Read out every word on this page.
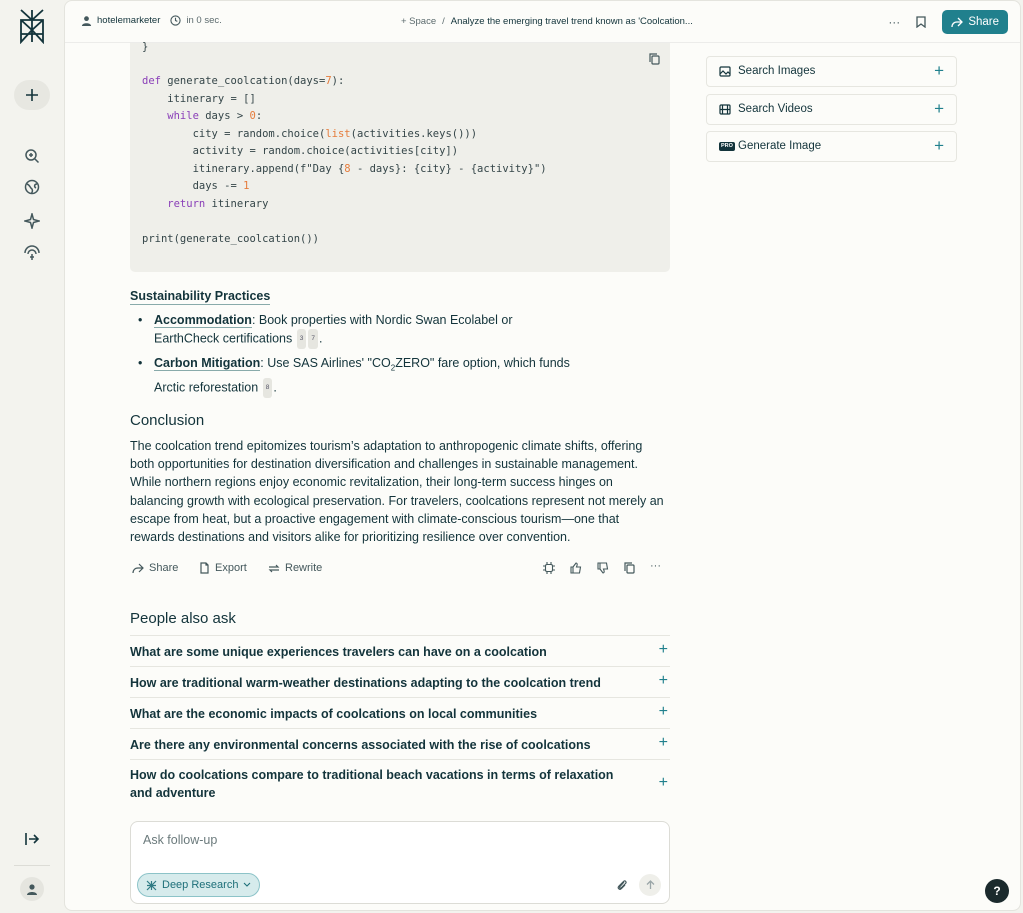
hotelemarketer	in 0 sec.	+ Space / Analyze the emerging travel trend known as 'Coolcation...	···	Share
}
def generate_coolcation(days=7):
itinerary = []
while days > 0:
city = random.choice(list(activities.keys()))
activity = random.choice(activities[city])
itinerary.append(f"Day {8 - days}: {city} - {activity}")
days -= 1
return itinerary
print(generate_coolcation())
Sustainability Practices
• Accommodation: Book properties with Nordic Swan Ecolabel or EarthCheck certifications 3 7 .
• Carbon Mitigation: Use SAS Airlines' "$CO_2ZERO$" fare option, which funds Arctic reforestation 8 .
Conclusion
The coolcation trend epitomizes tourism’s adaptation to anthropogenic climate shifts, offering both opportunities for destination diversification and challenges in sustainable management. While northern regions enjoy economic revitalization, their long-term success hinges on balancing growth with ecological preservation. For travelers, coolcations represent not merely an escape from heat, but a proactive engagement with climate-conscious tourism—one that rewards destinations and visitors alike for prioritizing resilience over convention.
Share	Export	Rewrite	···
People also ask
What are some unique experiences travelers can have on a coolcation	+
How are traditional warm-weather destinations adapting to the coolcation trend	+
What are the economic impacts of coolcations on local communities	+
Are there any environmental concerns associated with the rise of coolcations	+
How do coolcations compare to traditional beach vacations in terms of relaxation and adventure
+
Ask follow-up
Deep Research
Search Images	+
Search Videos	+
PRO Generate Image	+
?
